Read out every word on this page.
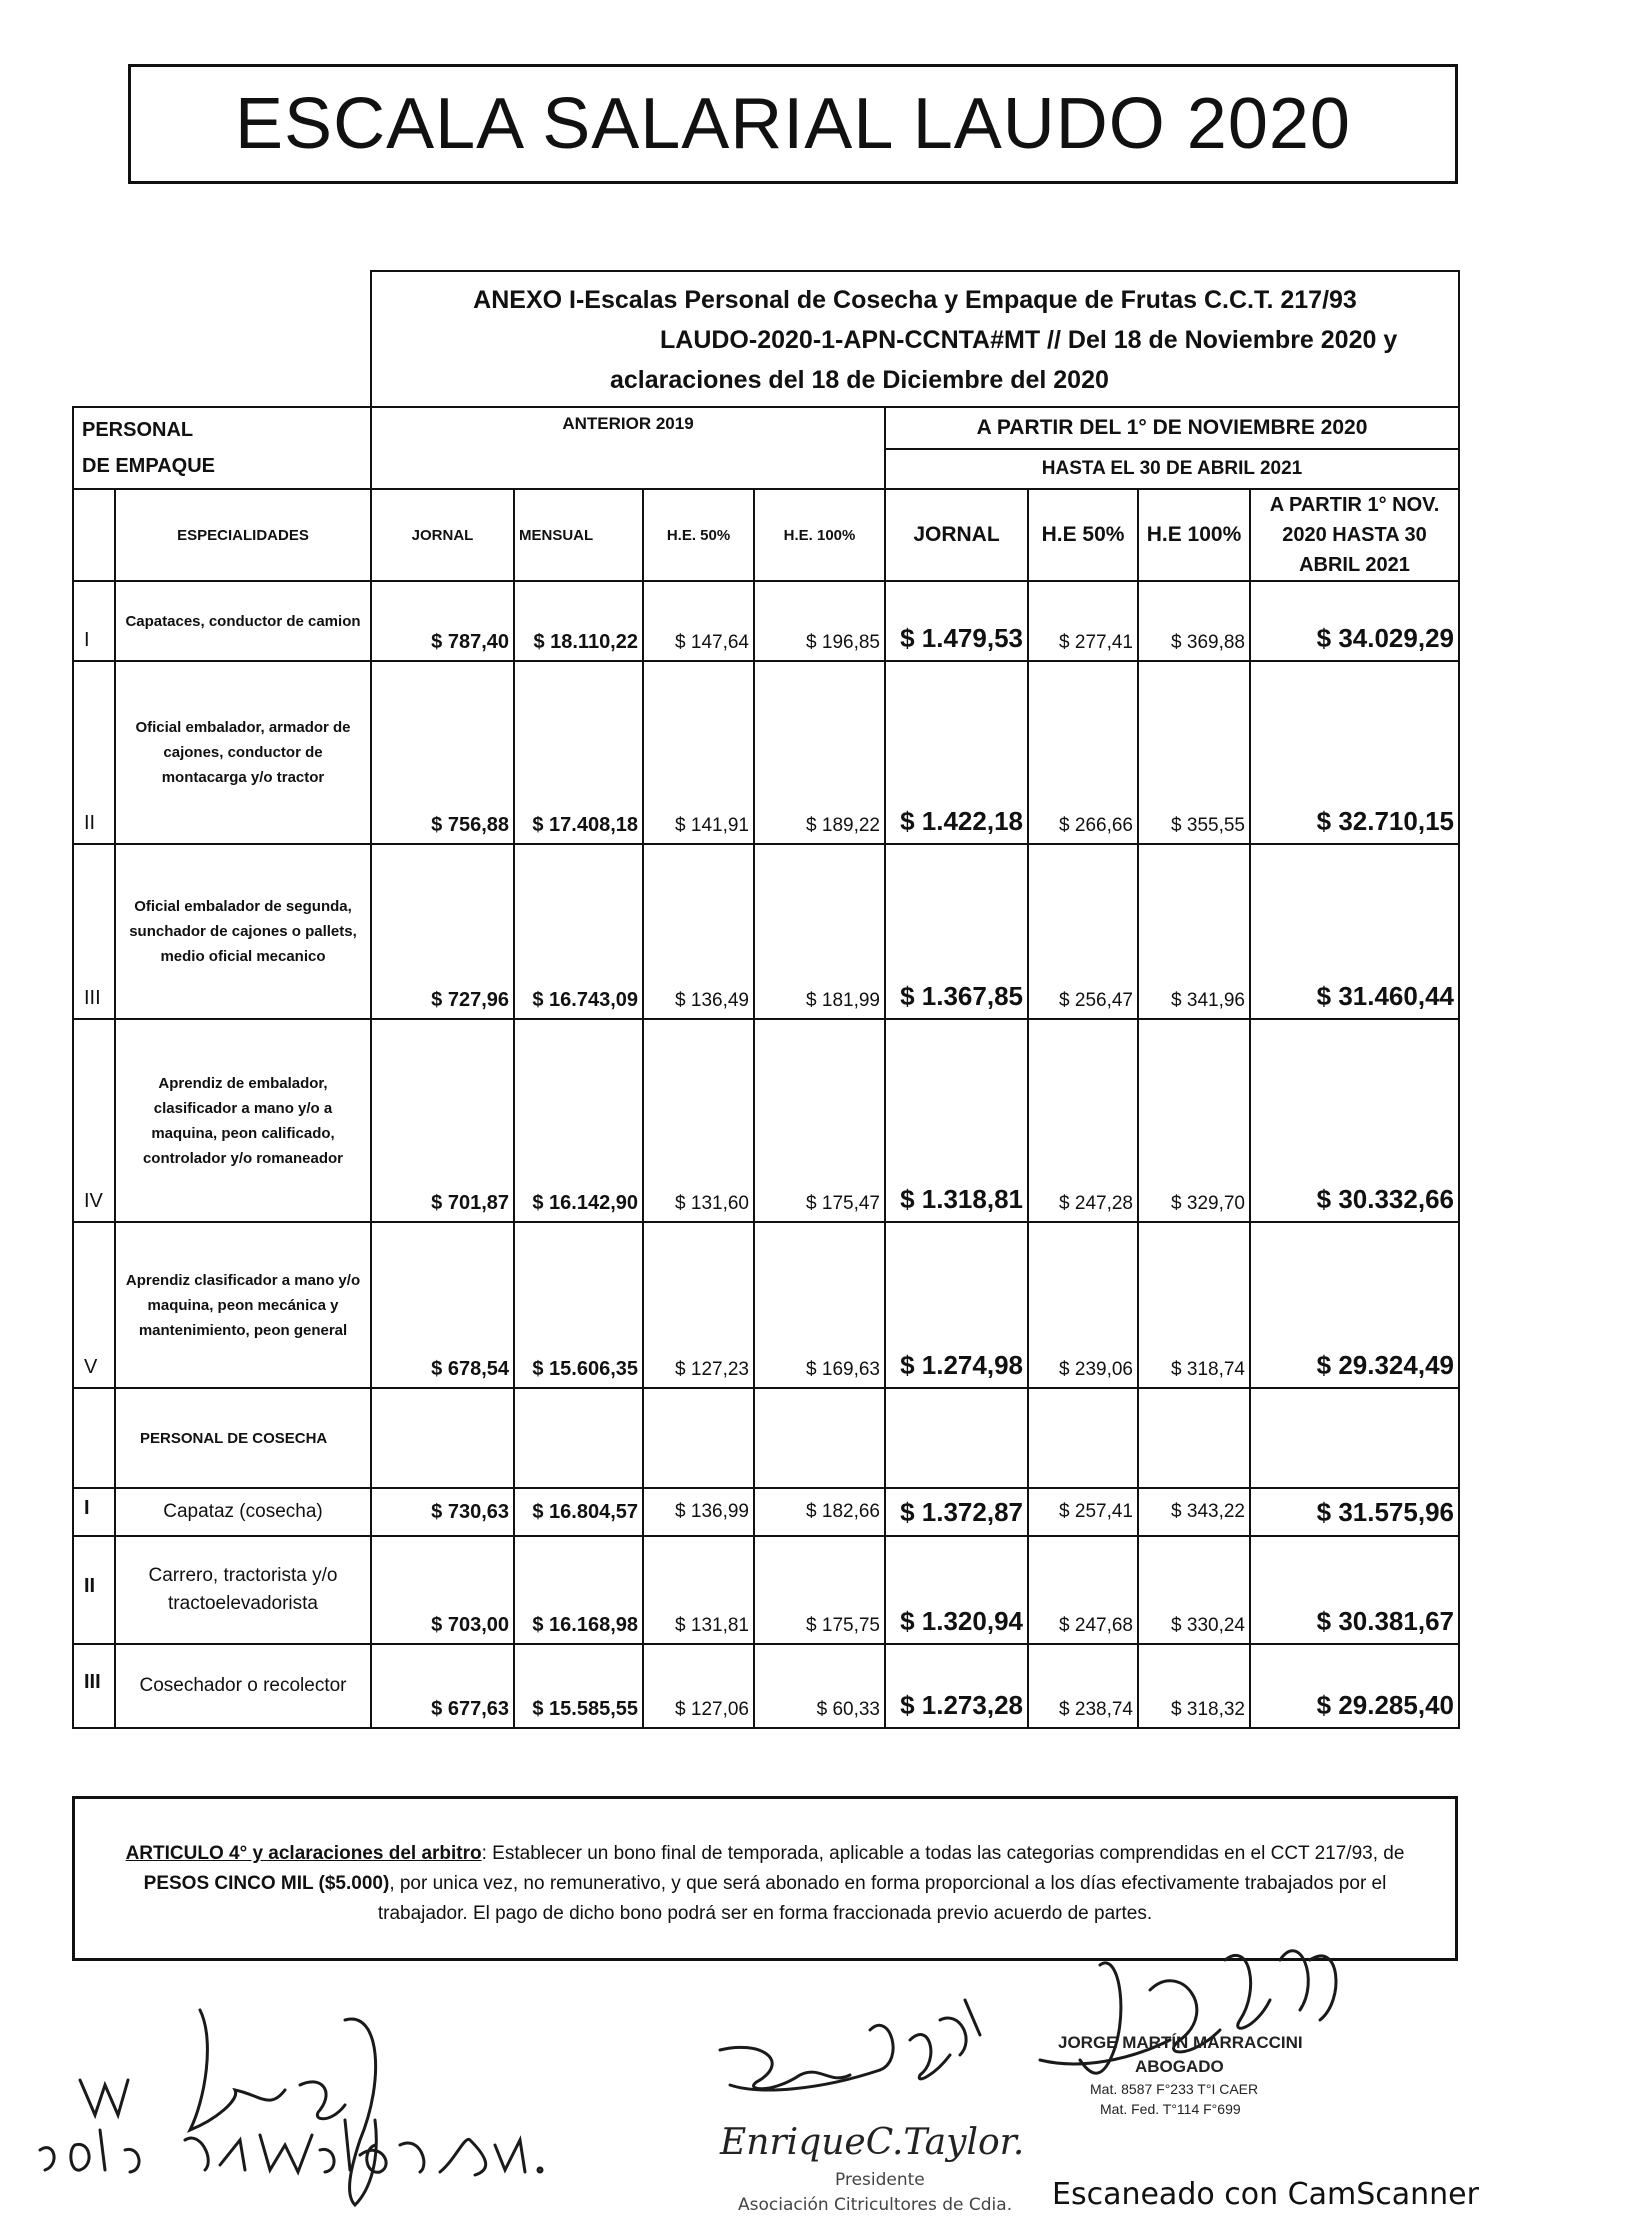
ESCALA SALARIAL LAUDO 2020

		ANEXO I-Escalas Personal de Cosecha y Empaque de Frutas C.C.T. 217/93
LAUDO-2020-1-APN-CCNTA#MT // Del 18 de Noviembre 2020 y
aclaraciones del 18 de Diciembre del 2020							

PERSONAL
DE EMPAQUE		ANTERIOR 2019				A PARTIR DEL 1° DE NOVIEMBRE 2020			
						HASTA EL 30 DE ABRIL 2021			
	ESPECIALIDADES	JORNAL	MENSUAL	H.E. 50%	H.E. 100%	JORNAL	H.E 50%	H.E 100%	A PARTIR 1° NOV. 2020 HASTA 30 ABRIL 2021
I	Capataces, conductor de camion	$ 787,40	$ 18.110,22	$ 147,64	$ 196,85	$ 1.479,53	$ 277,41	$ 369,88	$ 34.029,29
II	Oficial embalador, armador de cajones, conductor de montacarga y/o tractor	$ 756,88	$ 17.408,18	$ 141,91	$ 189,22	$ 1.422,18	$ 266,66	$ 355,55	$ 32.710,15
III	Oficial embalador de segunda, sunchador de cajones o pallets, medio oficial mecanico	$ 727,96	$ 16.743,09	$ 136,49	$ 181,99	$ 1.367,85	$ 256,47	$ 341,96	$ 31.460,44
IV	Aprendiz de embalador, clasificador a mano y/o a maquina, peon calificado, controlador y/o romaneador	$ 701,87	$ 16.142,90	$ 131,60	$ 175,47	$ 1.318,81	$ 247,28	$ 329,70	$ 30.332,66
V	Aprendiz clasificador a mano y/o maquina, peon mecánica y mantenimiento, peon general	$ 678,54	$ 15.606,35	$ 127,23	$ 169,63	$ 1.274,98	$ 239,06	$ 318,74	$ 29.324,49
	PERSONAL DE COSECHA								
I	Capataz (cosecha)	$ 730,63	$ 16.804,57	$ 136,99	$ 182,66	$ 1.372,87	$ 257,41	$ 343,22	$ 31.575,96
II	Carrero, tractorista y/o tractoelevadorista	$ 703,00	$ 16.168,98	$ 131,81	$ 175,75	$ 1.320,94	$ 247,68	$ 330,24	$ 30.381,67
III	Cosechador o recolector	$ 677,63	$ 15.585,55	$ 127,06	$ 60,33	$ 1.273,28	$ 238,74	$ 318,32	$ 29.285,40
ARTICULO 4° y aclaraciones del arbitro: Establecer un bono final de temporada, aplicable a todas las categorias comprendidas en el CCT 217/93, de PESOS CINCO MIL ($5.000), por unica vez, no remunerativo, y que será abonado en forma proporcional a los días efectivamente trabajados por el trabajador. El pago de dicho bono podrá ser en forma fraccionada previo acuerdo de partes.
JORGE MARTÍN MARRACCINI
ABOGADO
Mat. 8587 F°233 T°I CAER
Mat. Fed. T°114 F°699
EnriqueC.Taylor.
Presidente
Asociación Citricultores de Cdia. Escaneado con CamScanner
